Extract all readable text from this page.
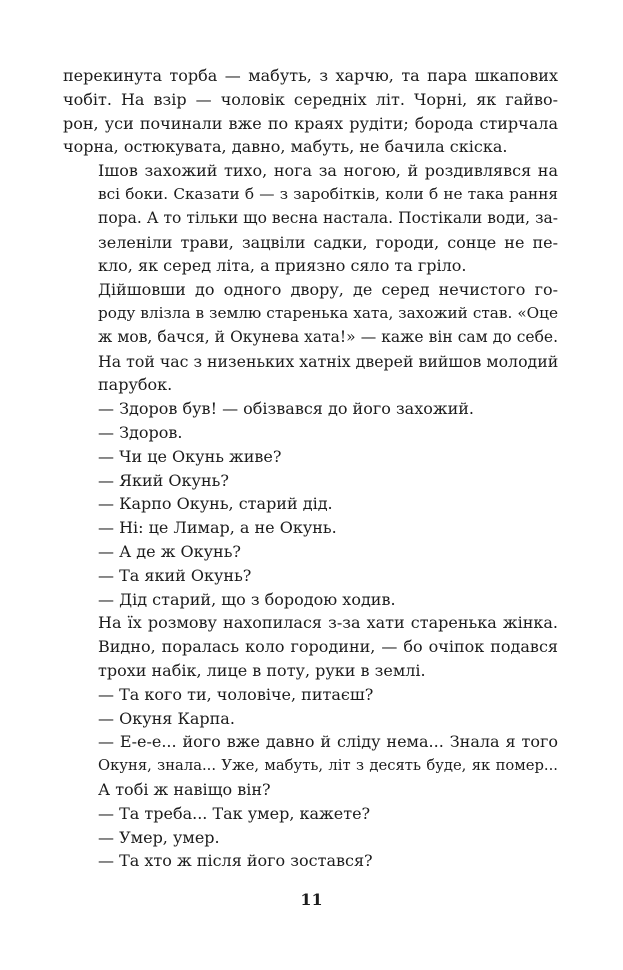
перекинута торба — мабуть, з харчю, та пара шкапових
чобіт. На взір — чоловік середніх літ. Чорні, як гайво-
рон, уси починали вже по краях рудіти; борода стирчала
чорна, остюкувата, давно, мабуть, не бачила скіска.

Ішов захожий тихо, нога за ногою, й роздивлявся на
всі боки. Сказати б — з заробітків, коли б не така рання
пора. А то тільки що весна настала. Постікали води, за-
зеленіли трави, зацвіли садки, городи, сонце не пе-
кло, як серед літа, а приязно сяло та гріло.

Дійшовши до одного двору, де серед нечистого го-
роду влізла в землю старенька хата, захожий став. «Оце
ж мов, бачся, й Окунева хата!» — каже він сам до себе.
На той час з низеньких хатніх дверей вийшов молодий
парубок.

— Здоров був! — обізвався до його захожий.

— Здоров.

— Чи це Окунь живе?

— Який Окунь?

— Карпо Окунь, старий дід.

— Ні: це Лимар, а не Окунь.

— А де ж Окунь?

— Та який Окунь?

— Дід старий, що з бородою ходив.

На їх розмову нахопилася з-за хати старенька жінка.
Видно, поралась коло городини, — бо очіпок подався
трохи набік, лице в поту, руки в землі.

— Та кого ти, чоловіче, питаєш?

— Окуня Карпа.

— Е-е-е... його вже давно й сліду нема... Знала я того
Окуня, знала... Уже, мабуть, літ з десять буде, як помер...
А тобі ж навіщо він?

— Та треба... Так умер, кажете?

— Умер, умер.

— Та хто ж після його зостався?

11
